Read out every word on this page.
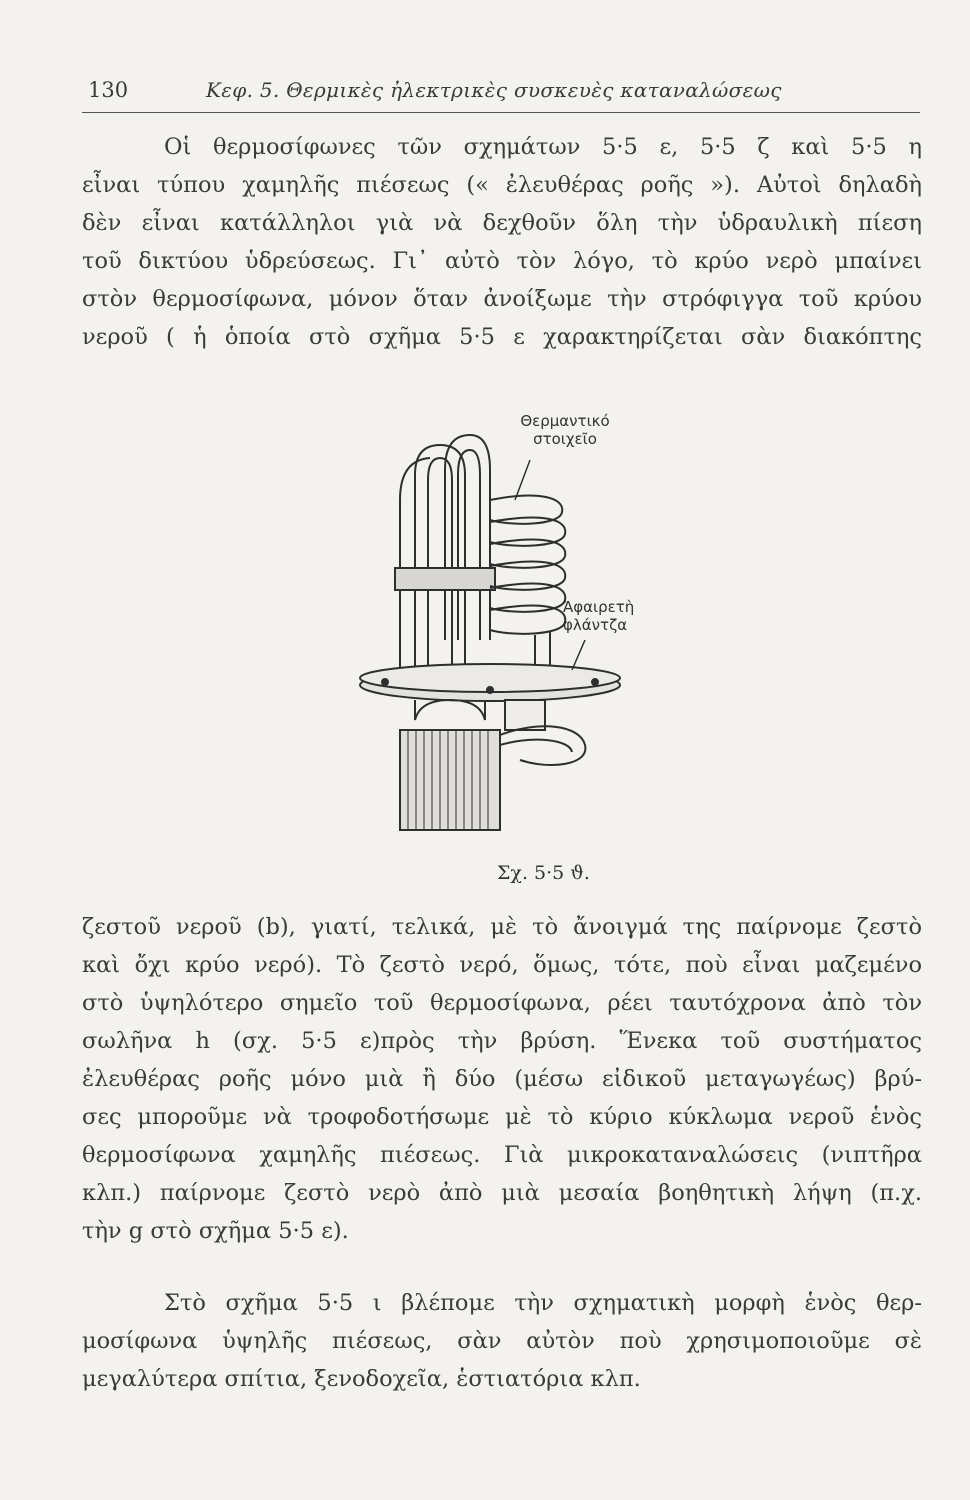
130	Κεφ. 5. Θερμικὲς ἠλεκτρικὲς συσκευὲς καταναλώσεως
Οἱ θερμοσίφωνες τῶν σχημάτων 5·5 ε, 5·5 ζ καὶ 5·5 η
εἶναι τύπου χαμηλῆς πιέσεως (« ἐλευθέρας ροῆς »). Αὐτοὶ δηλαδὴ
δὲν εἶναι κατάλληλοι γιὰ νὰ δεχθοῦν ὅλη τὴν ὑδραυλικὴ πίεση
τοῦ δικτύου ὑδρεύσεως. Γι᾽ αὐτὸ τὸν λόγο, τὸ κρύο νερὸ μπαίνει
στὸν θερμοσίφωνα, μόνον ὅταν ἀνοίξωμε τὴν στρόφιγγα τοῦ κρύου
νεροῦ ( ἡ ὁποία στὸ σχῆμα 5·5 ε χαρακτηρίζεται σὰν διακόπτης
Θερμαντικό
στοιχεῖο
Ἀφαιρετὴ
φλάντζα
Σχ. 5·5 ϑ.
ζεστοῦ νεροῦ (b), γιατί, τελικά, μὲ τὸ ἄνοιγμά της παίρνομε ζεστὸ
καὶ ὄχι κρύο νερό). Τὸ ζεστὸ νερό, ὅμως, τότε, ποὺ εἶναι μαζεμένο
στὸ ὑψηλότερο σημεῖο τοῦ θερμοσίφωνα, ρέει ταυτόχρονα ἀπὸ τὸν
σωλῆνα h (σχ. 5·5 ε)πρὸς τὴν βρύση. Ἕνεκα τοῦ συστήματος
ἐλευθέρας ροῆς μόνο μιὰ ἢ δύο (μέσω εἰδικοῦ μεταγωγέως) βρύ-
σες μποροῦμε νὰ τροφοδοτήσωμε μὲ τὸ κύριο κύκλωμα νεροῦ ἑνὸς
θερμοσίφωνα χαμηλῆς πιέσεως. Γιὰ μικροκαταναλώσεις (νιπτῆρα
κλπ.) παίρνομε ζεστὸ νερὸ ἀπὸ μιὰ μεσαία βοηθητικὴ λήψη (π.χ.
τὴν g στὸ σχῆμα 5·5 ε).
Στὸ σχῆμα 5·5 ι βλέπομε τὴν σχηματικὴ μορφὴ ἑνὸς θερ-
μοσίφωνα ὑψηλῆς πιέσεως, σὰν αὐτὸν ποὺ χρησιμοποιοῦμε σὲ
μεγαλύτερα σπίτια, ξενοδοχεῖα, ἑστιατόρια κλπ.
